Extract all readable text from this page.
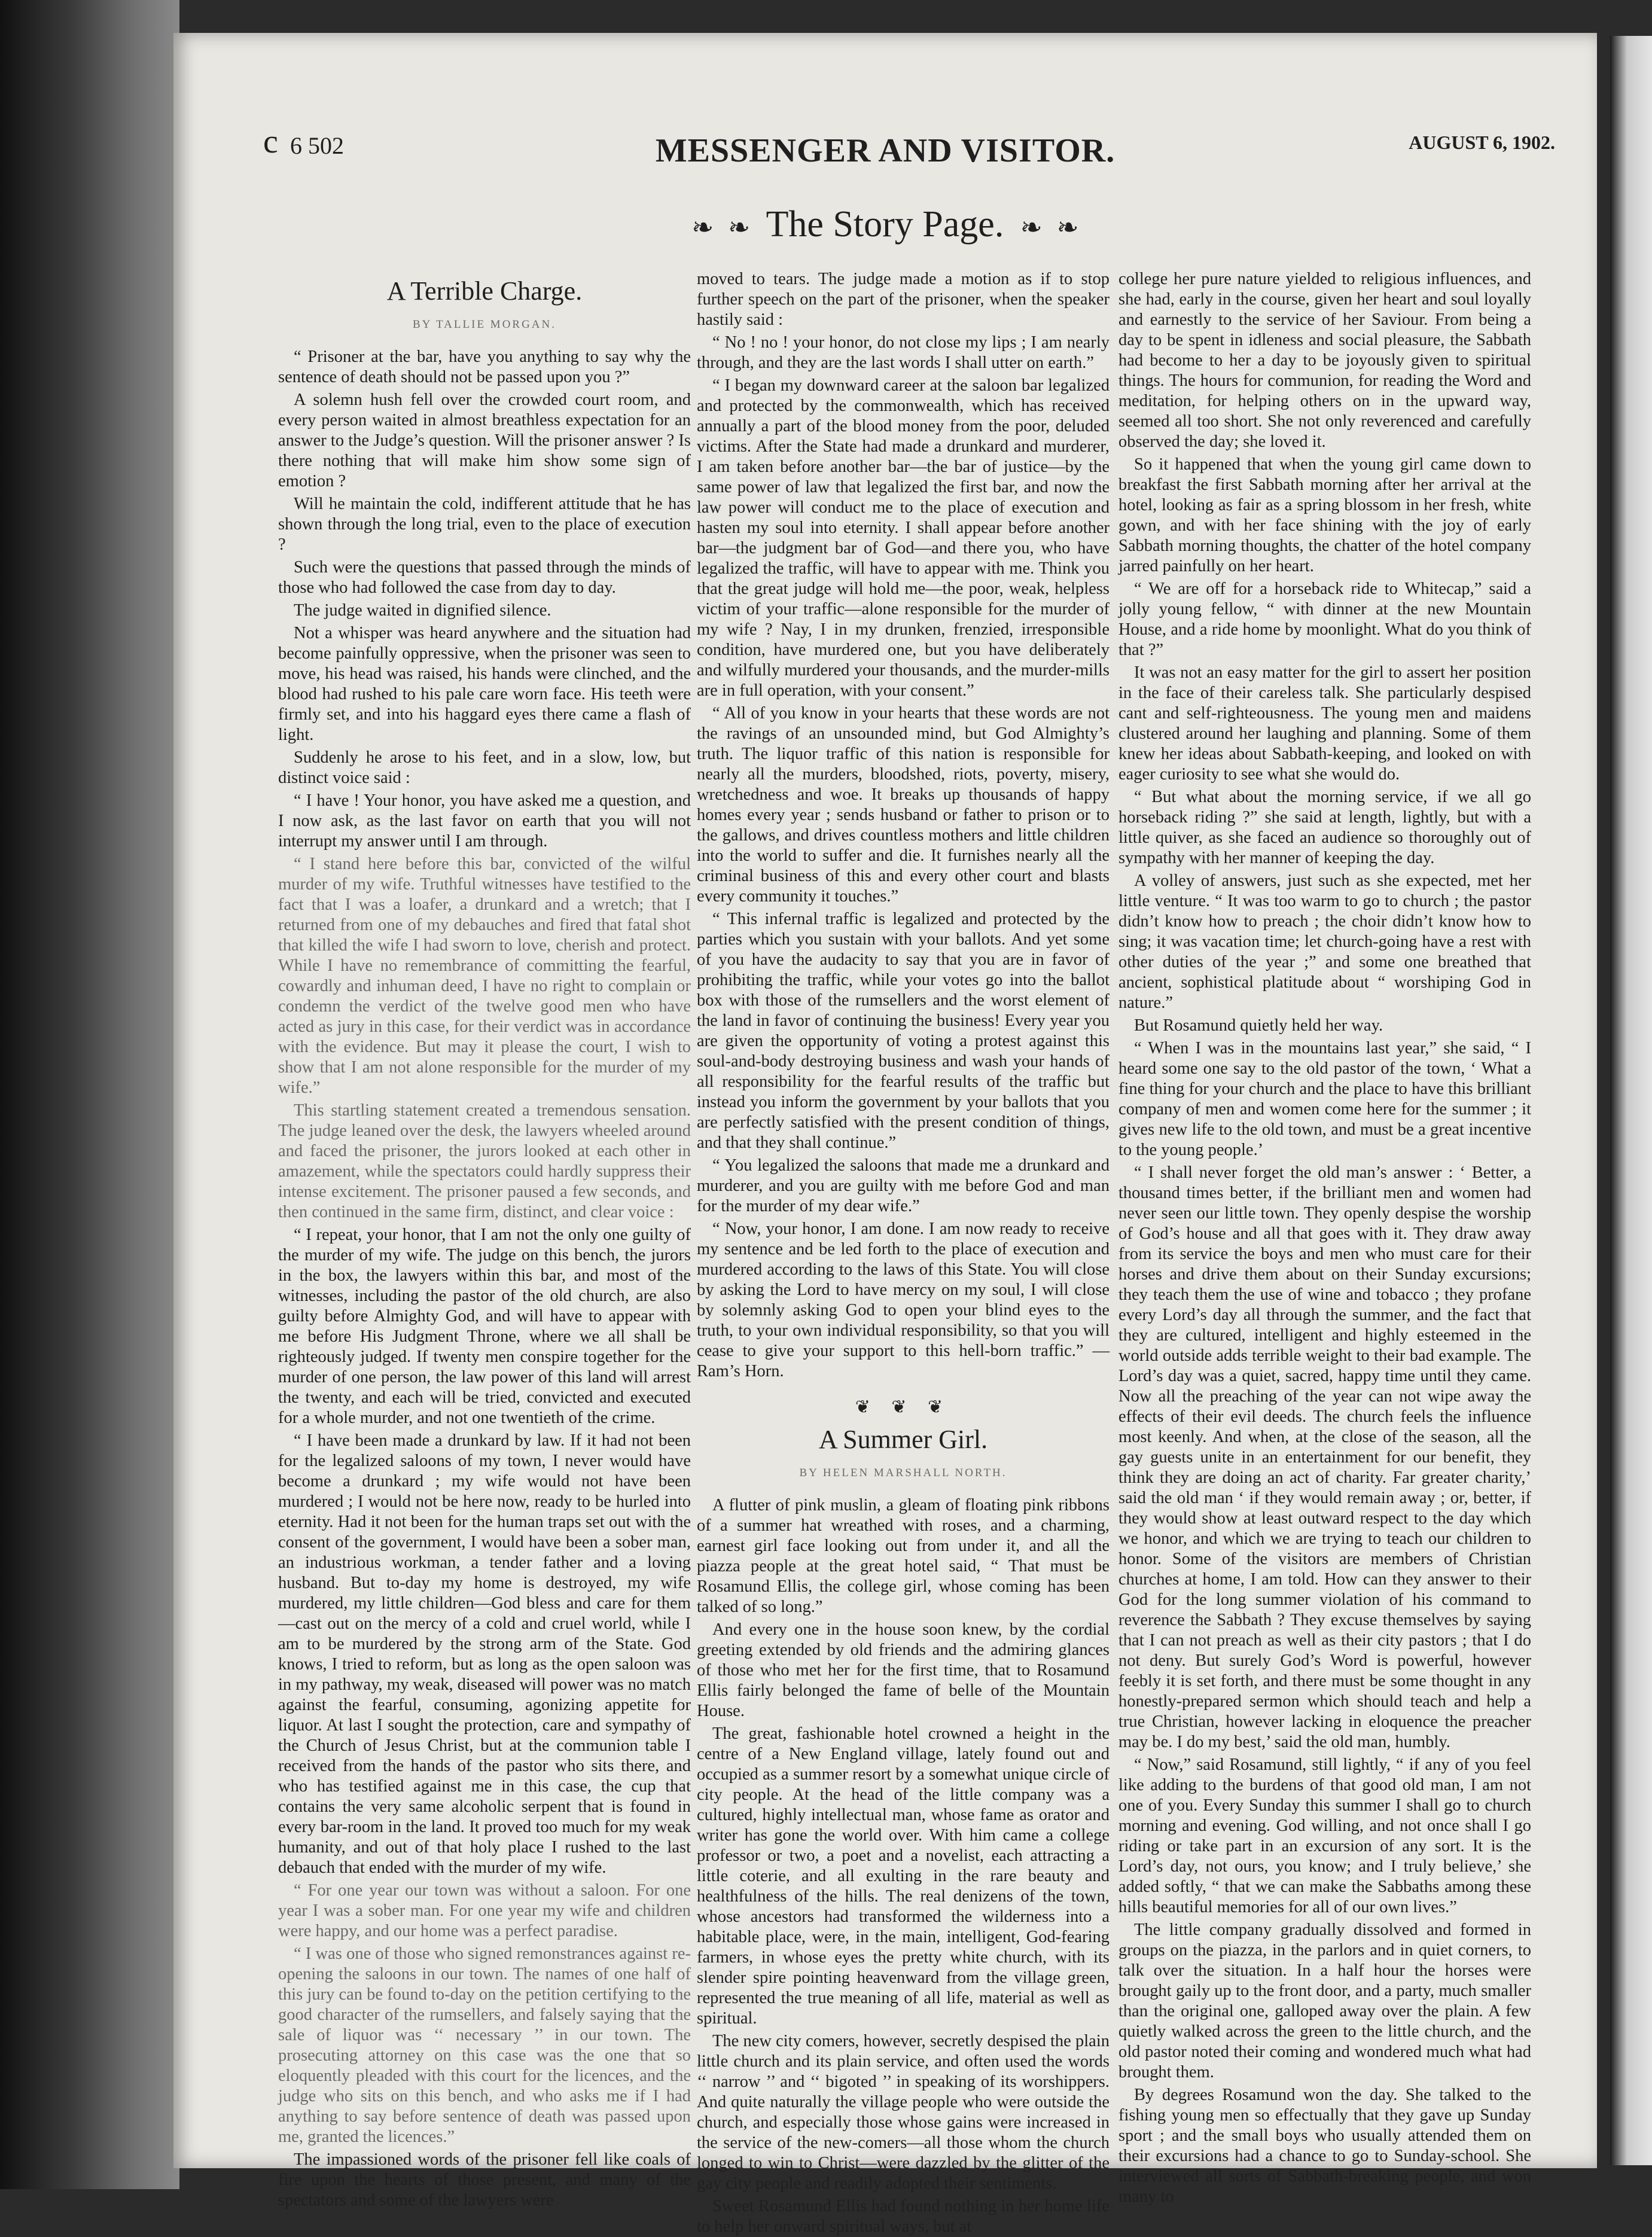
c 6 502	MESSENGER AND VISITOR.	AUGUST 6, 1902.
❧ ❧ The Story Page. ❧ ❧
A Terrible Charge.
BY TALLIE MORGAN.

“ Prisoner at the bar, have you anything to say why the sentence of death should not be passed upon you ?”

A solemn hush fell over the crowded court room, and every person waited in almost breathless expectation for an answer to the Judge’s question. Will the prisoner answer ? Is there nothing that will make him show some sign of emotion ?

Will he maintain the cold, indifferent attitude that he has shown through the long trial, even to the place of execution ?

Such were the questions that passed through the minds of those who had followed the case from day to day.

The judge waited in dignified silence.

Not a whisper was heard anywhere and the situation had become painfully oppressive, when the prisoner was seen to move, his head was raised, his hands were clinched, and the blood had rushed to his pale care worn face. His teeth were firmly set, and into his haggard eyes there came a flash of light.

Suddenly he arose to his feet, and in a slow, low, but distinct voice said :

“ I have ! Your honor, you have asked me a question, and I now ask, as the last favor on earth that you will not interrupt my answer until I am through.

“ I stand here before this bar, convicted of the wilful murder of my wife. Truthful witnesses have testified to the fact that I was a loafer, a drunkard and a wretch; that I returned from one of my debauches and fired that fatal shot that killed the wife I had sworn to love, cherish and protect. While I have no remembrance of committing the fearful, cowardly and inhuman deed, I have no right to complain or condemn the verdict of the twelve good men who have acted as jury in this case, for their verdict was in accordance with the evidence. But may it please the court, I wish to show that I am not alone responsible for the murder of my wife.”

This startling statement created a tremendous sensation. The judge leaned over the desk, the lawyers wheeled around and faced the prisoner, the jurors looked at each other in amazement, while the spectators could hardly suppress their intense excitement. The prisoner paused a few seconds, and then continued in the same firm, distinct, and clear voice :

“ I repeat, your honor, that I am not the only one guilty of the murder of my wife. The judge on this bench, the jurors in the box, the lawyers within this bar, and most of the witnesses, including the pastor of the old church, are also guilty before Almighty God, and will have to appear with me before His Judgment Throne, where we all shall be righteously judged. If twenty men conspire together for the murder of one person, the law power of this land will arrest the twenty, and each will be tried, convicted and executed for a whole murder, and not one twentieth of the crime.

“ I have been made a drunkard by law. If it had not been for the legalized saloons of my town, I never would have become a drunkard ; my wife would not have been murdered ; I would not be here now, ready to be hurled into eternity. Had it not been for the human traps set out with the consent of the government, I would have been a sober man, an industrious workman, a tender father and a loving husband. But to-day my home is destroyed, my wife murdered, my little children—God bless and care for them—cast out on the mercy of a cold and cruel world, while I am to be murdered by the strong arm of the State. God knows, I tried to reform, but as long as the open saloon was in my pathway, my weak, diseased will power was no match against the fearful, consuming, agonizing appetite for liquor. At last I sought the protection, care and sympathy of the Church of Jesus Christ, but at the communion table I received from the hands of the pastor who sits there, and who has testified against me in this case, the cup that contains the very same alcoholic serpent that is found in every bar-room in the land. It proved too much for my weak humanity, and out of that holy place I rushed to the last debauch that ended with the murder of my wife.

“ For one year our town was without a saloon. For one year I was a sober man. For one year my wife and children were happy, and our home was a perfect paradise.

“ I was one of those who signed remonstrances against re-opening the saloons in our town. The names of one half of this jury can be found to-day on the petition certifying to the good character of the rumsellers, and falsely saying that the sale of liquor was ‘‘ necessary ’’ in our town. The prosecuting attorney on this case was the one that so eloquently pleaded with this court for the licences, and the judge who sits on this bench, and who asks me if I had anything to say before sentence of death was passed upon me, granted the licences.”

The impassioned words of the prisoner fell like coals of fire upon the hearts of those present, and many of the spectators and some of the lawyers were

moved to tears. The judge made a motion as if to stop further speech on the part of the prisoner, when the speaker hastily said :

“ No ! no ! your honor, do not close my lips ; I am nearly through, and they are the last words I shall utter on earth.”

“ I began my downward career at the saloon bar legalized and protected by the commonwealth, which has received annually a part of the blood money from the poor, deluded victims. After the State had made a drunkard and murderer, I am taken before another bar—the bar of justice—by the same power of law that legalized the first bar, and now the law power will conduct me to the place of execution and hasten my soul into eternity. I shall appear before another bar—the judgment bar of God—and there you, who have legalized the traffic, will have to appear with me. Think you that the great judge will hold me—the poor, weak, helpless victim of your traffic—alone responsible for the murder of my wife ? Nay, I in my drunken, frenzied, irresponsible condition, have murdered one, but you have deliberately and wilfully murdered your thousands, and the murder-mills are in full operation, with your consent.”

“ All of you know in your hearts that these words are not the ravings of an unsounded mind, but God Almighty’s truth. The liquor traffic of this nation is responsible for nearly all the murders, bloodshed, riots, poverty, misery, wretchedness and woe. It breaks up thousands of happy homes every year ; sends husband or father to prison or to the gallows, and drives countless mothers and little children into the world to suffer and die. It furnishes nearly all the criminal business of this and every other court and blasts every community it touches.”

“ This infernal traffic is legalized and protected by the parties which you sustain with your ballots. And yet some of you have the audacity to say that you are in favor of prohibiting the traffic, while your votes go into the ballot box with those of the rumsellers and the worst element of the land in favor of continuing the business! Every year you are given the opportunity of voting a protest against this soul-and-body destroying business and wash your hands of all responsibility for the fearful results of the traffic but instead you inform the government by your ballots that you are perfectly satisfied with the present condition of things, and that they shall continue.”

“ You legalized the saloons that made me a drunkard and murderer, and you are guilty with me before God and man for the murder of my dear wife.”

“ Now, your honor, I am done. I am now ready to receive my sentence and be led forth to the place of execution and murdered according to the laws of this State. You will close by asking the Lord to have mercy on my soul, I will close by solemnly asking God to open your blind eyes to the truth, to your own individual responsibility, so that you will cease to give your support to this hell-born traffic.” —Ram’s Horn.

❦ ❦ ❦
A Summer Girl.
BY HELEN MARSHALL NORTH.

A flutter of pink muslin, a gleam of floating pink ribbons of a summer hat wreathed with roses, and a charming, earnest girl face looking out from under it, and all the piazza people at the great hotel said, “ That must be Rosamund Ellis, the college girl, whose coming has been talked of so long.”

And every one in the house soon knew, by the cordial greeting extended by old friends and the admiring glances of those who met her for the first time, that to Rosamund Ellis fairly belonged the fame of belle of the Mountain House.

The great, fashionable hotel crowned a height in the centre of a New England village, lately found out and occupied as a summer resort by a somewhat unique circle of city people. At the head of the little company was a cultured, highly intellectual man, whose fame as orator and writer has gone the world over. With him came a college professor or two, a poet and a novelist, each attracting a little coterie, and all exulting in the rare beauty and healthfulness of the hills. The real denizens of the town, whose ancestors had transformed the wilderness into a habitable place, were, in the main, intelligent, God-fearing farmers, in whose eyes the pretty white church, with its slender spire pointing heavenward from the village green, represented the true meaning of all life, material as well as spiritual.

The new city comers, however, secretly despised the plain little church and its plain service, and often used the words ‘‘ narrow ’’ and ‘‘ bigoted ’’ in speaking of its worshippers. And quite naturally the village people who were outside the church, and especially those whose gains were increased in the service of the new-comers—all those whom the church longed to win to Christ—were dazzled by the glitter of the gay city people and readily adopted their sentiments.

Sweet Rosamund Ellis had found nothing in her home life to help her onward spiritual ways, but at

college her pure nature yielded to religious influences, and she had, early in the course, given her heart and soul loyally and earnestly to the service of her Saviour. From being a day to be spent in idleness and social pleasure, the Sabbath had become to her a day to be joyously given to spiritual things. The hours for communion, for reading the Word and meditation, for helping others on in the upward way, seemed all too short. She not only reverenced and carefully observed the day; she loved it.

So it happened that when the young girl came down to breakfast the first Sabbath morning after her arrival at the hotel, looking as fair as a spring blossom in her fresh, white gown, and with her face shining with the joy of early Sabbath morning thoughts, the chatter of the hotel company jarred painfully on her heart.

“ We are off for a horseback ride to Whitecap,” said a jolly young fellow, “ with dinner at the new Mountain House, and a ride home by moonlight. What do you think of that ?”

It was not an easy matter for the girl to assert her position in the face of their careless talk. She particularly despised cant and self-righteousness. The young men and maidens clustered around her laughing and planning. Some of them knew her ideas about Sabbath-keeping, and looked on with eager curiosity to see what she would do.

“ But what about the morning service, if we all go horseback riding ?” she said at length, lightly, but with a little quiver, as she faced an audience so thoroughly out of sympathy with her manner of keeping the day.

A volley of answers, just such as she expected, met her little venture. “ It was too warm to go to church ; the pastor didn’t know how to preach ; the choir didn’t know how to sing; it was vacation time; let church-going have a rest with other duties of the year ;” and some one breathed that ancient, sophistical platitude about “ worshiping God in nature.”

But Rosamund quietly held her way.

“ When I was in the mountains last year,” she said, “ I heard some one say to the old pastor of the town, ‘ What a fine thing for your church and the place to have this brilliant company of men and women come here for the summer ; it gives new life to the old town, and must be a great incentive to the young people.’

“ I shall never forget the old man’s answer : ‘ Better, a thousand times better, if the brilliant men and women had never seen our little town. They openly despise the worship of God’s house and all that goes with it. They draw away from its service the boys and men who must care for their horses and drive them about on their Sunday excursions; they teach them the use of wine and tobacco ; they profane every Lord’s day all through the summer, and the fact that they are cultured, intelligent and highly esteemed in the world outside adds terrible weight to their bad example. The Lord’s day was a quiet, sacred, happy time until they came. Now all the preaching of the year can not wipe away the effects of their evil deeds. The church feels the influence most keenly. And when, at the close of the season, all the gay guests unite in an entertainment for our benefit, they think they are doing an act of charity. Far greater charity,’ said the old man ‘ if they would remain away ; or, better, if they would show at least outward respect to the day which we honor, and which we are trying to teach our children to honor. Some of the visitors are members of Christian churches at home, I am told. How can they answer to their God for the long summer violation of his command to reverence the Sabbath ? They excuse themselves by saying that I can not preach as well as their city pastors ; that I do not deny. But surely God’s Word is powerful, however feebly it is set forth, and there must be some thought in any honestly-prepared sermon which should teach and help a true Christian, however lacking in eloquence the preacher may be. I do my best,’ said the old man, humbly.

“ Now,” said Rosamund, still lightly, “ if any of you feel like adding to the burdens of that good old man, I am not one of you. Every Sunday this summer I shall go to church morning and evening. God willing, and not once shall I go riding or take part in an excursion of any sort. It is the Lord’s day, not ours, you know; and I truly believe,’ she added softly, “ that we can make the Sabbaths among these hills beautiful memories for all of our own lives.”

The little company gradually dissolved and formed in groups on the piazza, in the parlors and in quiet corners, to talk over the situation. In a half hour the horses were brought gaily up to the front door, and a party, much smaller than the original one, galloped away over the plain. A few quietly walked across the green to the little church, and the old pastor noted their coming and wondered much what had brought them.

By degrees Rosamund won the day. She talked to the fishing young men so effectually that they gave up Sunday sport ; and the small boys who usually attended them on their excursions had a chance to go to Sunday-school. She interviewed all sorts of Sabbath-breaking people, and won many to
